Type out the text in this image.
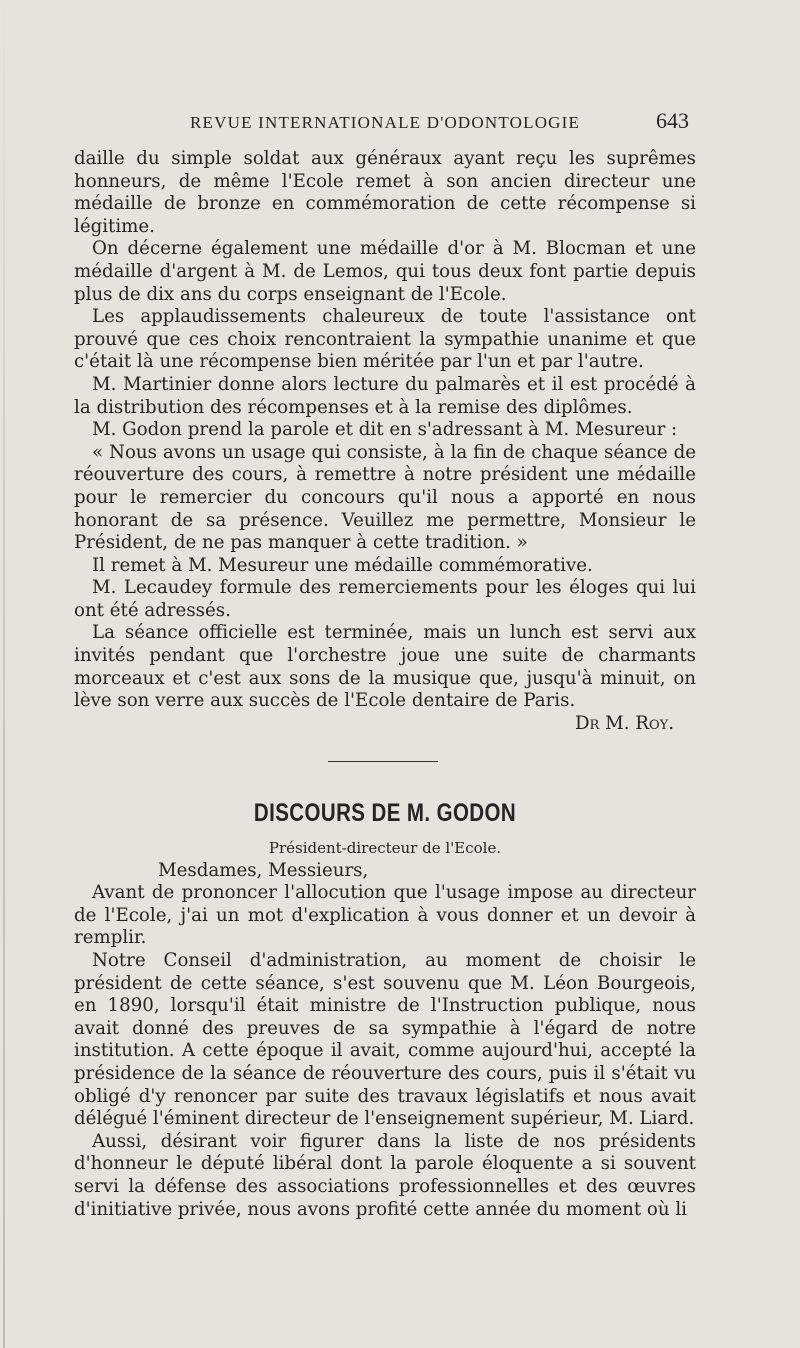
REVUE INTERNATIONALE D'ODONTOLOGIE	643

daille du simple soldat aux généraux ayant reçu les suprêmes honneurs, de même l'Ecole remet à son ancien directeur une médaille de bronze en commémoration de cette récompense si légitime.

On décerne également une médaille d'or à M. Blocman et une médaille d'argent à M. de Lemos, qui tous deux font partie depuis plus de dix ans du corps enseignant de l'Ecole.

Les applaudissements chaleureux de toute l'assistance ont prouvé que ces choix rencontraient la sympathie unanime et que c'était là une récompense bien méritée par l'un et par l'autre.

M. Martinier donne alors lecture du palmarès et il est procédé à la distribution des récompenses et à la remise des diplômes.

M. Godon prend la parole et dit en s'adressant à M. Mesureur :

« Nous avons un usage qui consiste, à la fin de chaque séance de réouverture des cours, à remettre à notre président une médaille pour le remercier du concours qu'il nous a apporté en nous honorant de sa présence. Veuillez me permettre, Monsieur le Président, de ne pas manquer à cette tradition. »

Il remet à M. Mesureur une médaille commémorative.

M. Lecaudey formule des remerciements pour les éloges qui lui ont été adressés.

La séance officielle est terminée, mais un lunch est servi aux invités pendant que l'orchestre joue une suite de charmants morceaux et c'est aux sons de la musique que, jusqu'à minuit, on lève son verre aux succès de l'Ecole dentaire de Paris.

Dr M. Roy.

DISCOURS DE M. GODON
Président-directeur de l'Ecole.

Mesdames, Messieurs,

Avant de prononcer l'allocution que l'usage impose au directeur de l'Ecole, j'ai un mot d'explication à vous donner et un devoir à remplir.

Notre Conseil d'administration, au moment de choisir le président de cette séance, s'est souvenu que M. Léon Bourgeois, en 1890, lorsqu'il était ministre de l'Instruction publique, nous avait donné des preuves de sa sympathie à l'égard de notre institution. A cette époque il avait, comme aujourd'hui, accepté la présidence de la séance de réouverture des cours, puis il s'était vu obligé d'y renoncer par suite des travaux législatifs et nous avait délégué l'éminent directeur de l'enseignement supérieur, M. Liard.

Aussi, désirant voir figurer dans la liste de nos présidents d'honneur le député libéral dont la parole éloquente a si souvent servi la défense des associations professionnelles et des œuvres d'initiative privée, nous avons profité cette année du moment où li
